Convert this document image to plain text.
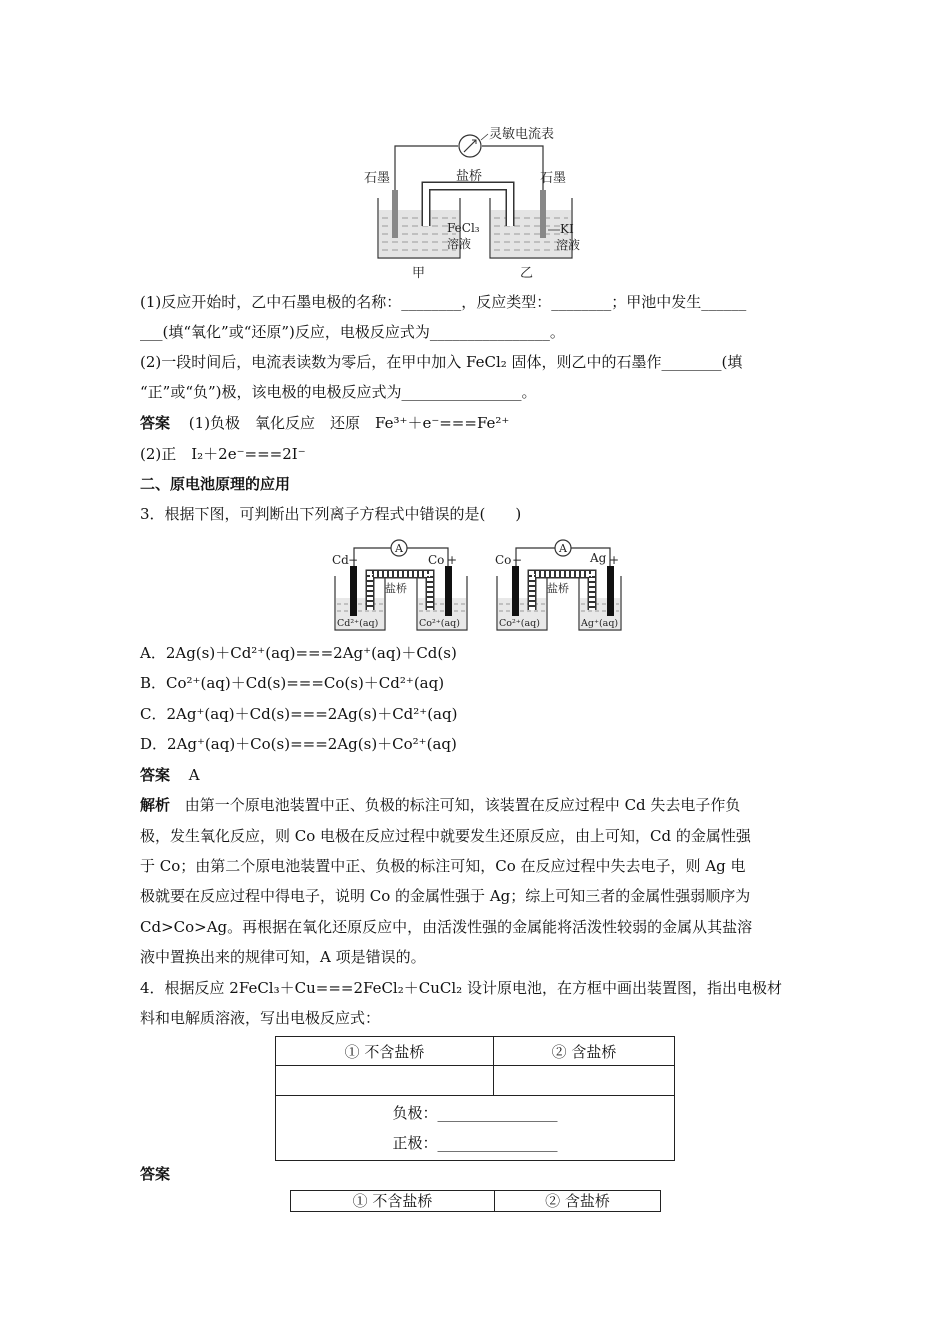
灵敏电流表
盐桥
石墨	石墨
FeCl₃
溶液
KI
溶液
甲	乙
(1)反应开始时，乙中石墨电极的名称：________，反应类型：________；甲池中发生______
___(填“氧化”或“还原”)反应，电极反应式为________________。
(2)一段时间后，电流表读数为零后，在甲中加入 FeCl₂ 固体，则乙中的石墨作________(填
“正”或“负”)极，该电极的电极反应式为________________。
答案 (1)负极　氧化反应　还原　Fe³⁺＋e⁻===Fe²⁺
(2)正　I₂＋2e⁻===2I⁻
二、原电池原理的应用
3．根据下图，可判断出下列离子方程式中错误的是(　　)
A
Cd −	Co +
盐桥
Cd²⁺(aq)	Co²⁺(aq)
A
Co −	Ag +
盐桥
Co²⁺(aq)	Ag⁺(aq)
A．2Ag(s)＋Cd²⁺(aq)===2Ag⁺(aq)＋Cd(s)
B．Co²⁺(aq)＋Cd(s)===Co(s)＋Cd²⁺(aq)
C．2Ag⁺(aq)＋Cd(s)===2Ag(s)＋Cd²⁺(aq)
D．2Ag⁺(aq)＋Co(s)===2Ag(s)＋Co²⁺(aq)
答案 A
解析 由第一个原电池装置中正、负极的标注可知，该装置在反应过程中 Cd 失去电子作负
极，发生氧化反应，则 Co 电极在反应过程中就要发生还原反应，由上可知，Cd 的金属性强
于 Co；由第二个原电池装置中正、负极的标注可知，Co 在反应过程中失去电子，则 Ag 电
极就要在反应过程中得电子，说明 Co 的金属性强于 Ag；综上可知三者的金属性强弱顺序为
Cd>Co>Ag。再根据在氧化还原反应中，由活泼性强的金属能将活泼性较弱的金属从其盐溶
液中置换出来的规律可知，A 项是错误的。
4．根据反应 2FeCl₃＋Cu===2FeCl₂＋CuCl₂ 设计原电池，在方框中画出装置图，指出电极材
料和电解质溶液，写出电极反应式：
① 不含盐桥	② 含盐桥

负极：________________
正极：________________	
答案
① 不含盐桥	② 含盐桥
